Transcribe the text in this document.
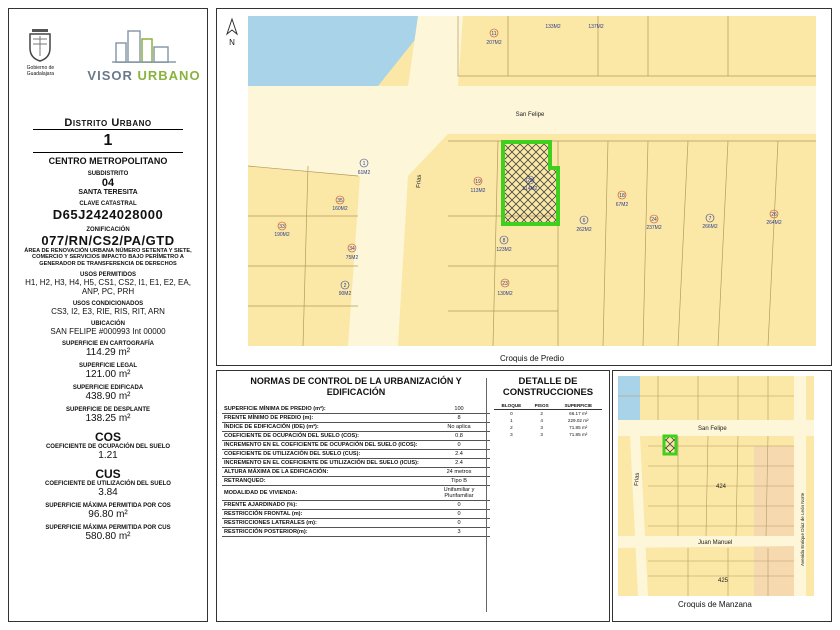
Gobierno de Guadalajara	VISOR URBANO
Distrito Urbano
1
CENTRO METROPOLITANO
SUBDISTRITO
04
SANTA TERESITA
CLAVE CATASTRAL
D65J2424028000
ZONIFICACIÓN
077/RN/CS2/PA/GTD
ÁREA DE RENOVACIÓN URBANA NÚMERO SETENTA Y SIETE, COMERCIO Y SERVICIOS IMPACTO BAJO PERÍMETRO A GENERADOR DE TRANSFERENCIA DE DERECHOS
USOS PERMITIDOS
H1, H2, H3, H4, H5, CS1, CS2, I1, E1, E2, EA, ANP, PC, PRH
USOS CONDICIONADOS
CS3, I2, E3, RIE, RIS, RIT, ARN
UBICACIÓN
SAN FELIPE #000993 Int 00000
SUPERFICIE EN CARTOGRAFÍA
114.29 m²
SUPERFICIE LEGAL
121.00 m²
SUPERFICIE EDIFICADA
438.90 m²
SUPERFICIE DE DESPLANTE
138.25 m²
COS
COEFICIENTE DE OCUPACIÓN DEL SUELO
1.21
CUS
COEFICIENTE DE UTILIZACIÓN DEL SUELO
3.84
SUPERFICIE MÁXIMA PERMITIDA POR COS
96.80 m²
SUPERFICIE MÁXIMA PERMITIDA POR CUS
580.80 m²
N
1
61M2
19
113M2
20
114M2
18
67M2
6
262M2
24
237M2
7
266M2
26
264M2
35
160M2
33
190M2
34
75M2
2
90M2
8
123M2
23
130M2
11
207M2
133M2	137M2
San Felipe
Frias
Croquis de Predio
NORMAS DE CONTROL DE LA URBANIZACIÓN Y EDIFICACIÓN
SUPERFICIE MÍNIMA DE PREDIO (m²):	100
FRENTE MÍNIMO DE PREDIO (m):	8
ÍNDICE DE EDIFICACIÓN (IDE) (m²):	No aplica
COEFICIENTE DE OCUPACIÓN DEL SUELO (COS):	0.8
INCREMENTO EN EL COEFICIENTE DE OCUPACIÓN DEL SUELO (ICOS):	0
COEFICIENTE DE UTILIZACIÓN DEL SUELO (CUS):	2.4
INCREMENTO EN EL COEFICIENTE DE UTILIZACIÓN DEL SUELO (ICUS):	2.4
ALTURA MÁXIMA DE LA EDIFICACIÓN:	24 metros
RETRANQUEO:	Tipo B
MODALIDAD DE VIVIENDA:	Unifamiliar y Plurifamiliar
FRENTE AJARDINADO (%):	0
RESTRICCIÓN FRONTAL (m):	0
RESTRICCIONES LATERALES (m):	0
RESTRICCIÓN POSTERIOR(m):	3
DETALLE DE CONSTRUCCIONES
BLOQUE	PISOS	SUPERFICIE
0	2	66.17 m²
1	4	229.02 m²
2	3	71.85 m²
3	3	71.85 m²
San Felipe
Frias
Juan Manuel	Avenida Enrique Díaz de León Norte
424
425
Croquis de Manzana
